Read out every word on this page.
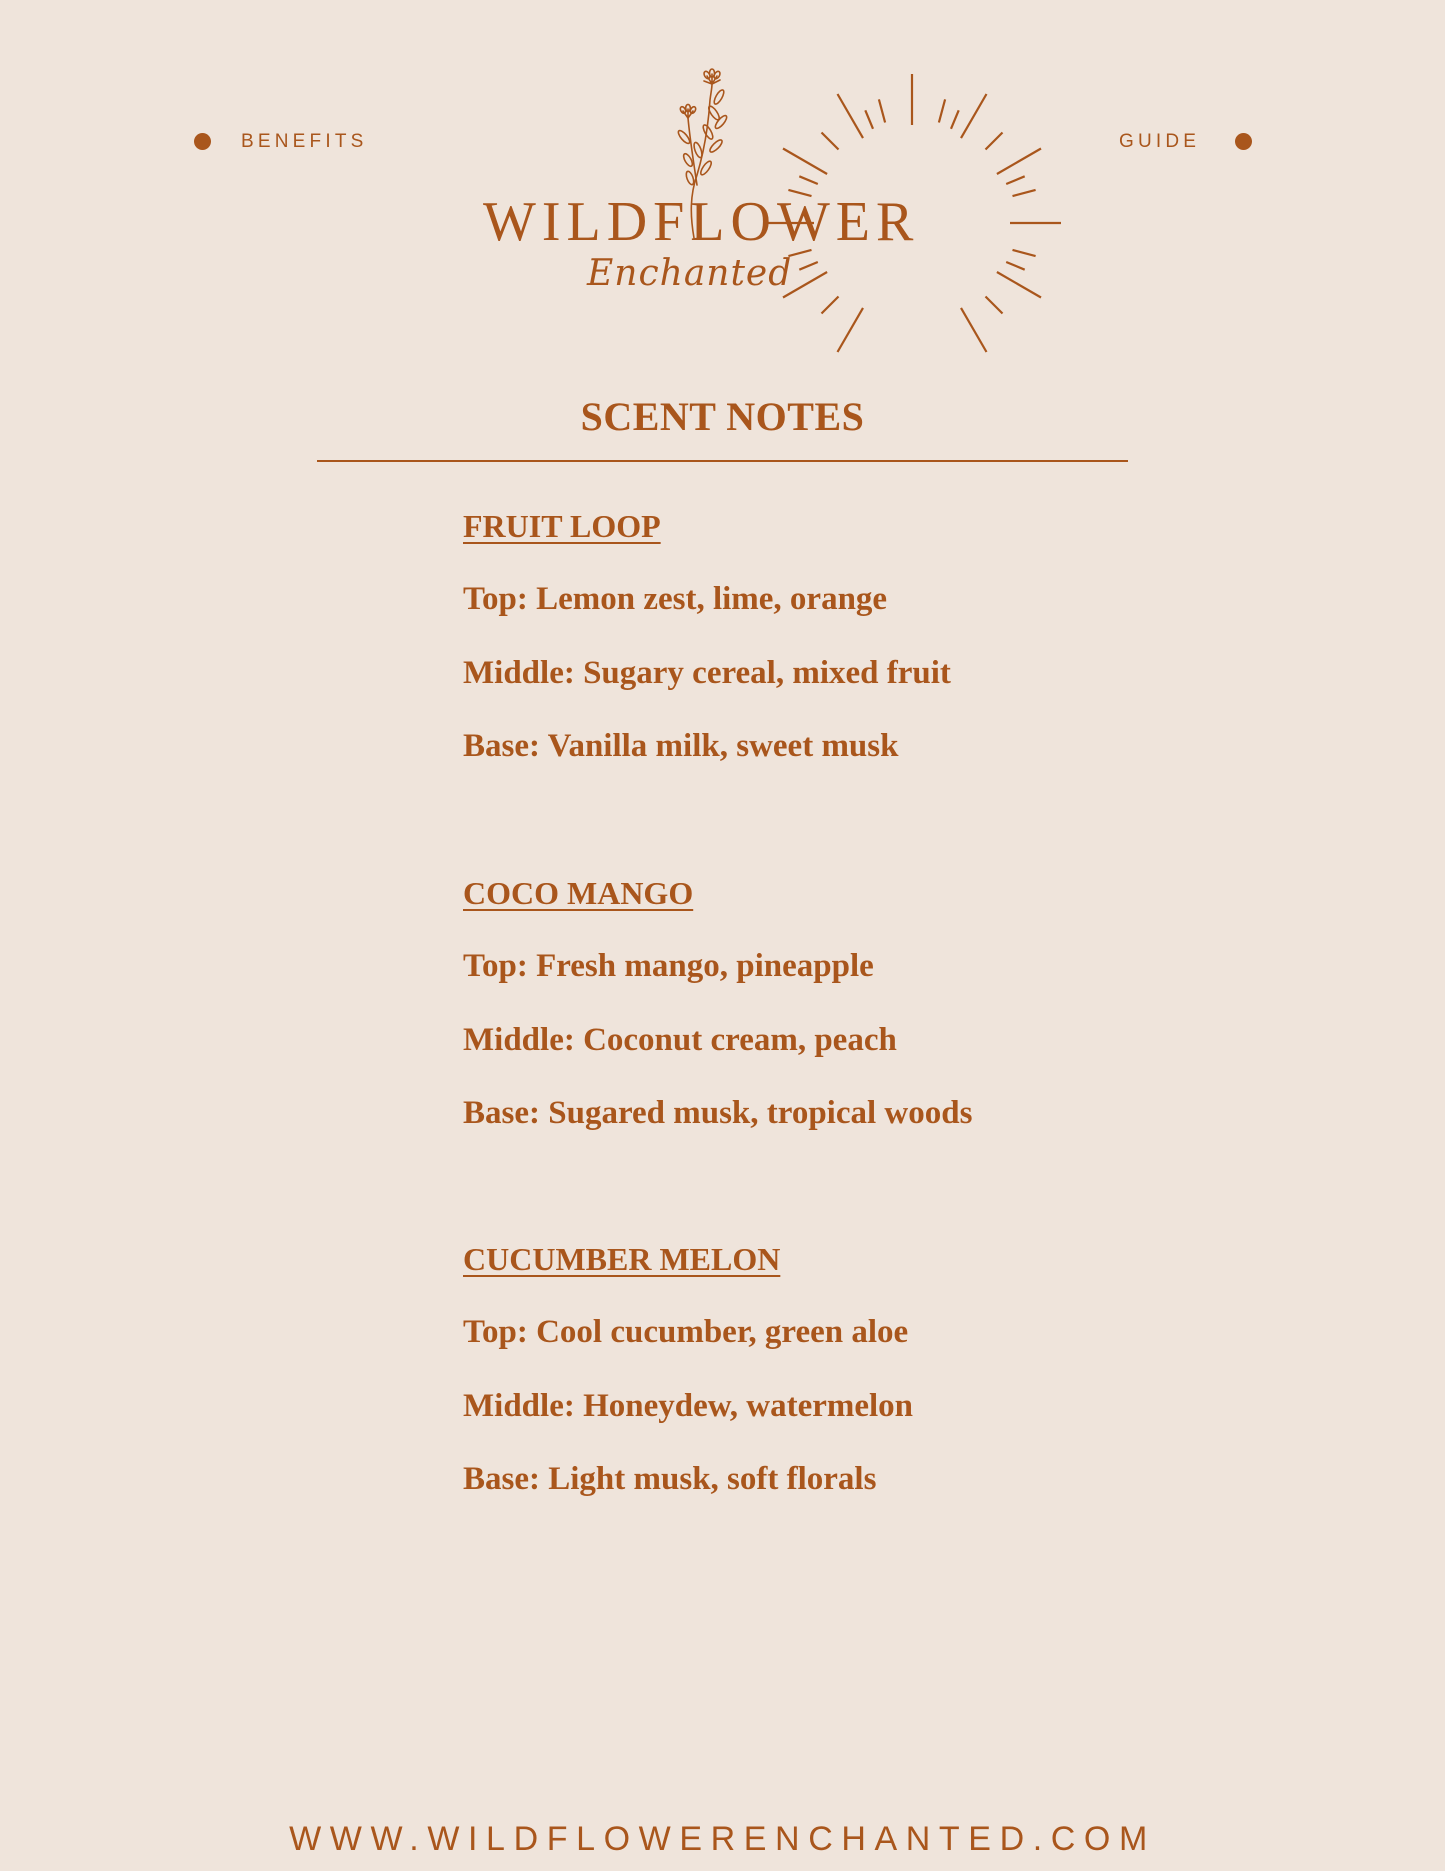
BENEFITS	GUIDE
WILDFLOWER
Enchanted
SCENT NOTES
FRUIT LOOP
Top: Lemon zest, lime, orange
Middle: Sugary cereal, mixed fruit
Base: Vanilla milk, sweet musk
COCO MANGO
Top: Fresh mango, pineapple
Middle: Coconut cream, peach
Base: Sugared musk, tropical woods
CUCUMBER MELON
Top: Cool cucumber, green aloe
Middle: Honeydew, watermelon
Base: Light musk, soft florals
WWW.WILDFLOWERENCHANTED.COM
